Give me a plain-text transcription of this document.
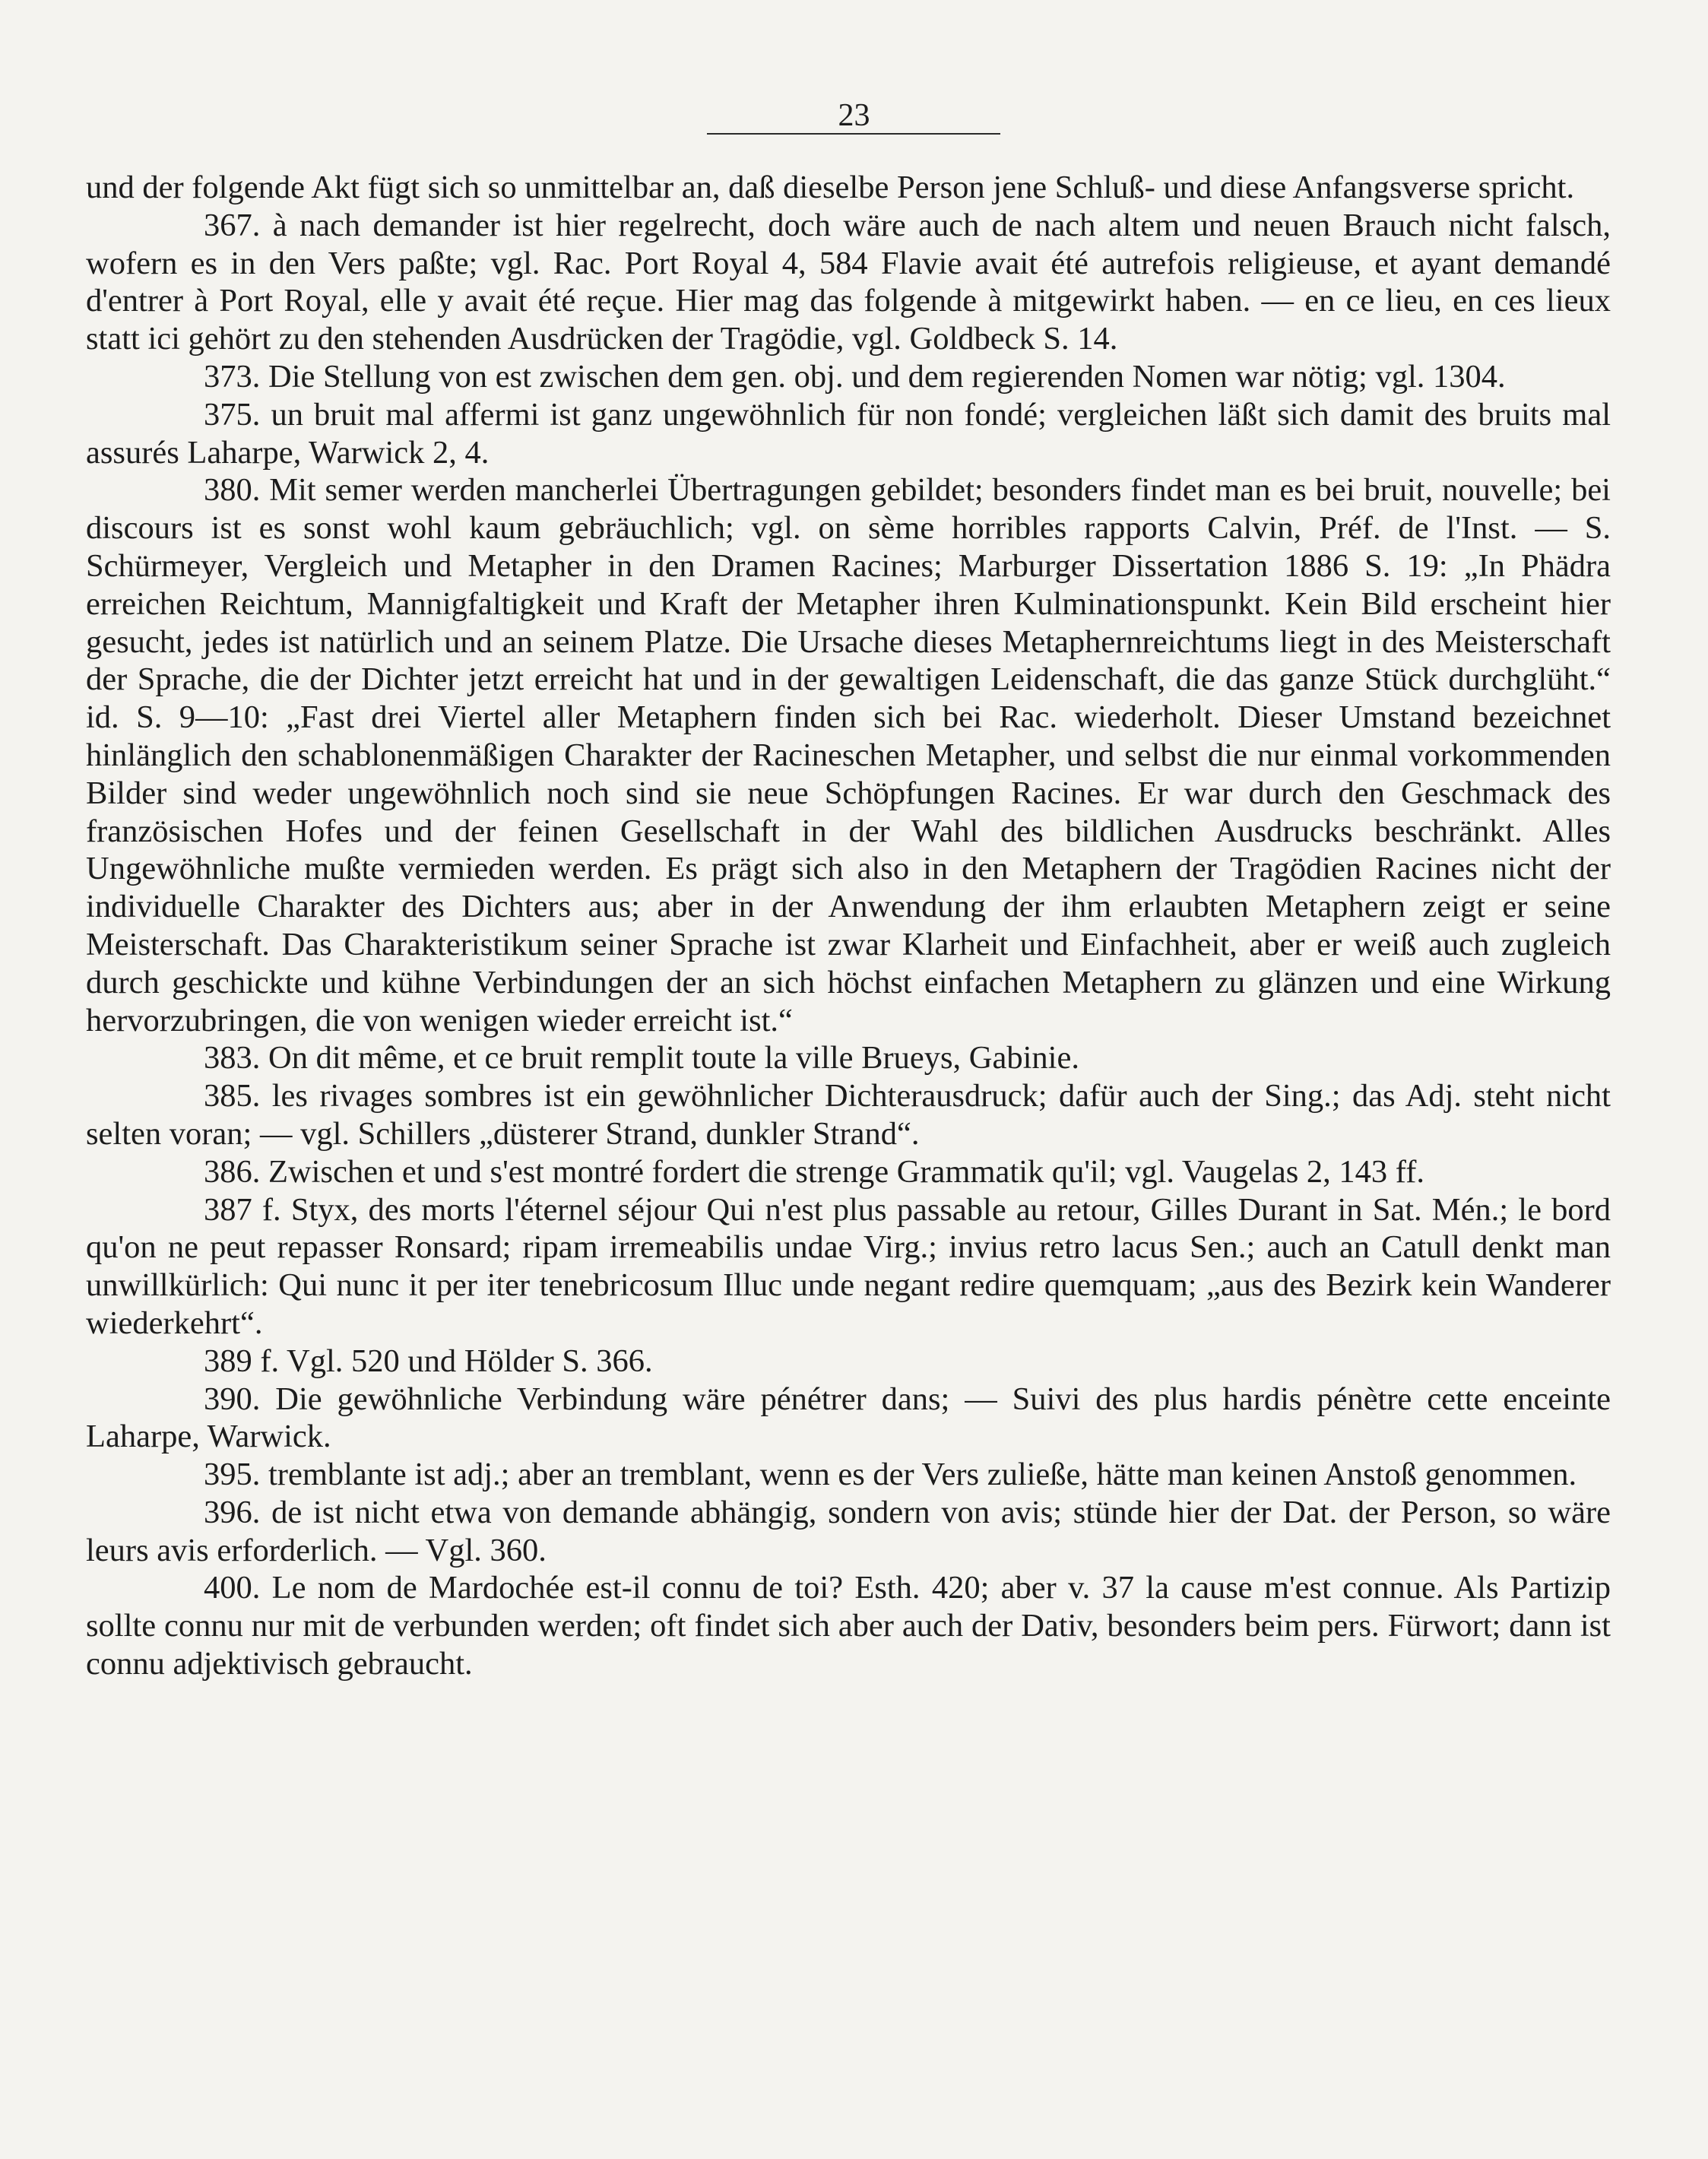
23

und der folgende Akt fügt sich so unmittelbar an, daß dieselbe Person jene Schluß- und diese Anfangsverse spricht.

367. à nach demander ist hier regelrecht, doch wäre auch de nach altem und neuen Brauch nicht falsch, wofern es in den Vers paßte; vgl. Rac. Port Royal 4, 584 Flavie avait été autrefois religieuse, et ayant demandé d'entrer à Port Royal, elle y avait été reçue. Hier mag das folgende à mitgewirkt haben. — en ce lieu, en ces lieux statt ici gehört zu den stehenden Ausdrücken der Tragödie, vgl. Goldbeck S. 14.

373. Die Stellung von est zwischen dem gen. obj. und dem regierenden Nomen war nötig; vgl. 1304.

375. un bruit mal affermi ist ganz ungewöhnlich für non fondé; vergleichen läßt sich damit des bruits mal assurés Laharpe, Warwick 2, 4.

380. Mit semer werden mancherlei Übertragungen gebildet; besonders findet man es bei bruit, nouvelle; bei discours ist es sonst wohl kaum gebräuchlich; vgl. on sème horribles rapports Calvin, Préf. de l'Inst. — S. Schürmeyer, Vergleich und Metapher in den Dramen Racines; Marburger Dissertation 1886 S. 19: „In Phädra erreichen Reichtum, Mannigfaltigkeit und Kraft der Metapher ihren Kulminationspunkt. Kein Bild erscheint hier gesucht, jedes ist natürlich und an seinem Platze. Die Ursache dieses Metaphernreichtums liegt in des Meisterschaft der Sprache, die der Dichter jetzt erreicht hat und in der gewaltigen Leidenschaft, die das ganze Stück durchglüht.“ id. S. 9—10: „Fast drei Viertel aller Metaphern finden sich bei Rac. wiederholt. Dieser Umstand bezeichnet hinlänglich den schablonenmäßigen Charakter der Racineschen Metapher, und selbst die nur einmal vorkommenden Bilder sind weder ungewöhnlich noch sind sie neue Schöpfungen Racines. Er war durch den Geschmack des französischen Hofes und der feinen Gesellschaft in der Wahl des bildlichen Ausdrucks beschränkt. Alles Ungewöhnliche mußte vermieden werden. Es prägt sich also in den Metaphern der Tragödien Racines nicht der individuelle Charakter des Dichters aus; aber in der Anwendung der ihm erlaubten Metaphern zeigt er seine Meisterschaft. Das Charakteristikum seiner Sprache ist zwar Klarheit und Einfachheit, aber er weiß auch zugleich durch geschickte und kühne Verbindungen der an sich höchst einfachen Metaphern zu glänzen und eine Wirkung hervorzubringen, die von wenigen wieder erreicht ist.“

383. On dit même, et ce bruit remplit toute la ville Brueys, Gabinie.

385. les rivages sombres ist ein gewöhnlicher Dichterausdruck; dafür auch der Sing.; das Adj. steht nicht selten voran; — vgl. Schillers „düsterer Strand, dunkler Strand“.

386. Zwischen et und s'est montré fordert die strenge Grammatik qu'il; vgl. Vaugelas 2, 143 ff.

387 f. Styx, des morts l'éternel séjour Qui n'est plus passable au retour, Gilles Durant in Sat. Mén.; le bord qu'on ne peut repasser Ronsard; ripam irremeabilis undae Virg.; invius retro lacus Sen.; auch an Catull denkt man unwillkürlich: Qui nunc it per iter tenebricosum Illuc unde negant redire quemquam; „aus des Bezirk kein Wanderer wiederkehrt“.

389 f. Vgl. 520 und Hölder S. 366.

390. Die gewöhnliche Verbindung wäre pénétrer dans; — Suivi des plus hardis pénètre cette enceinte Laharpe, Warwick.

395. tremblante ist adj.; aber an tremblant, wenn es der Vers zuließe, hätte man keinen Anstoß genommen.

396. de ist nicht etwa von demande abhängig, sondern von avis; stünde hier der Dat. der Person, so wäre leurs avis erforderlich. — Vgl. 360.

400. Le nom de Mardochée est-il connu de toi? Esth. 420; aber v. 37 la cause m'est connue. Als Partizip sollte connu nur mit de verbunden werden; oft findet sich aber auch der Dativ, besonders beim pers. Fürwort; dann ist connu adjektivisch gebraucht.
